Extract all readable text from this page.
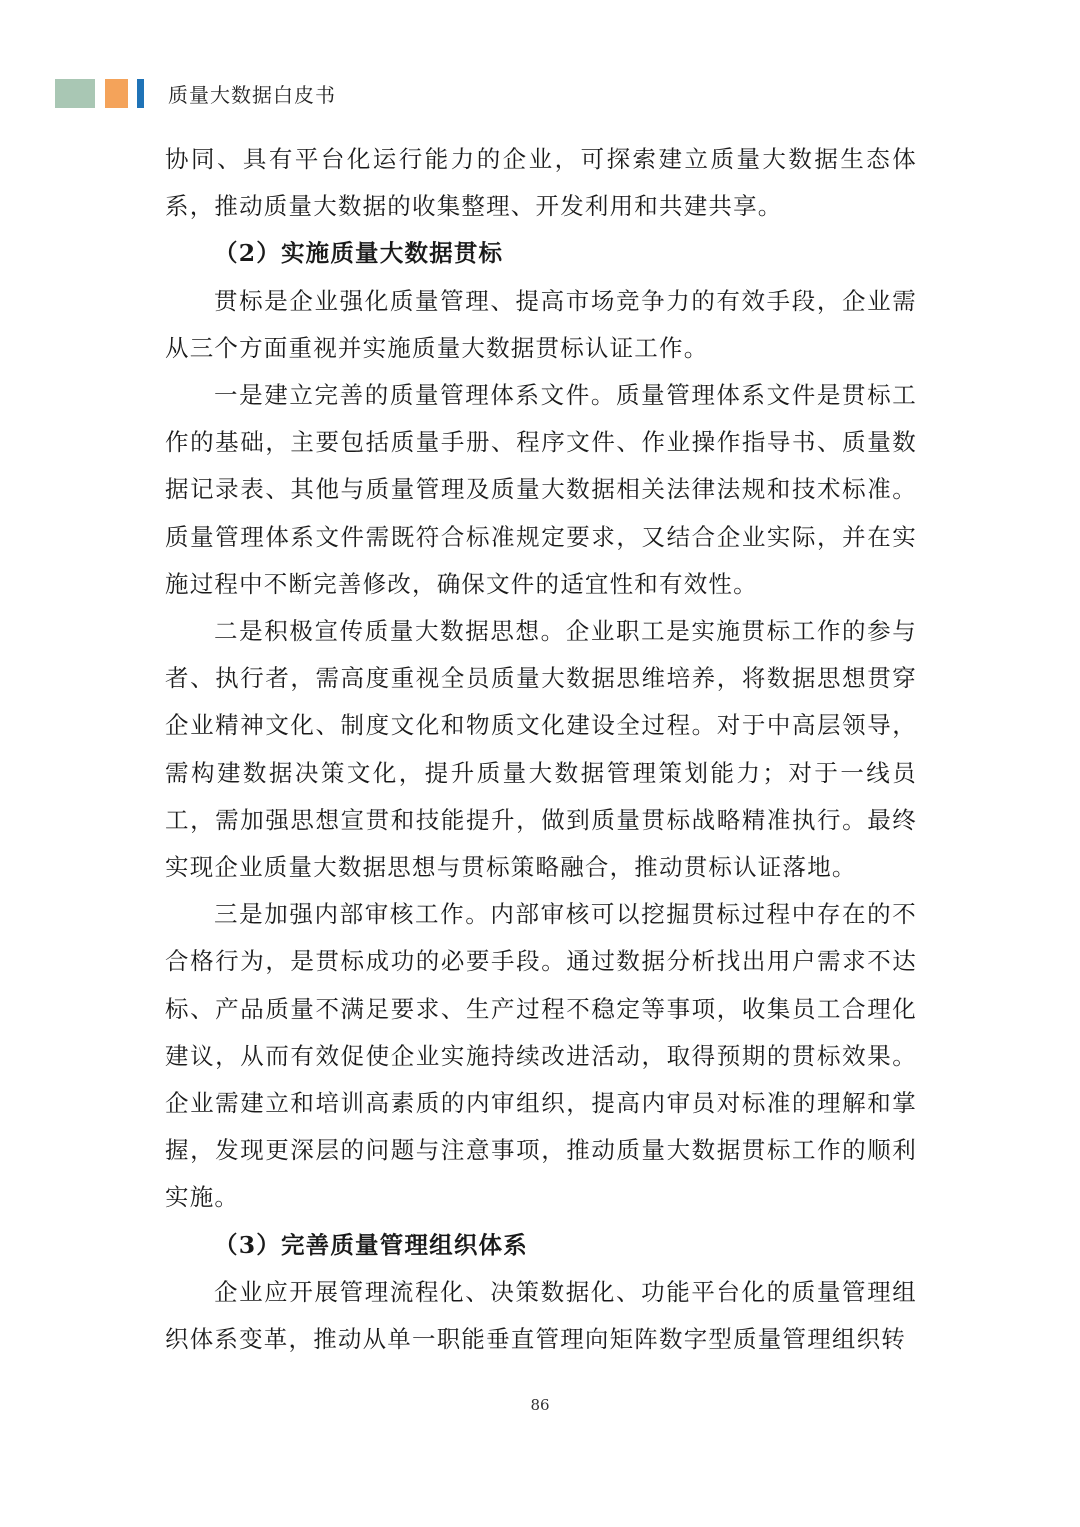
质量大数据白皮书

协同、具有平台化运行能力的企业，可探索建立质量大数据生态体系，推动质量大数据的收集整理、开发利用和共建共享。

（2）实施质量大数据贯标

贯标是企业强化质量管理、提高市场竞争力的有效手段，企业需从三个方面重视并实施质量大数据贯标认证工作。

一是建立完善的质量管理体系文件。质量管理体系文件是贯标工作的基础，主要包括质量手册、程序文件、作业操作指导书、质量数据记录表、其他与质量管理及质量大数据相关法律法规和技术标准。质量管理体系文件需既符合标准规定要求，又结合企业实际，并在实施过程中不断完善修改，确保文件的适宜性和有效性。

二是积极宣传质量大数据思想。企业职工是实施贯标工作的参与者、执行者，需高度重视全员质量大数据思维培养，将数据思想贯穿企业精神文化、制度文化和物质文化建设全过程。对于中高层领导，需构建数据决策文化，提升质量大数据管理策划能力；对于一线员工，需加强思想宣贯和技能提升，做到质量贯标战略精准执行。最终实现企业质量大数据思想与贯标策略融合，推动贯标认证落地。

三是加强内部审核工作。内部审核可以挖掘贯标过程中存在的不合格行为，是贯标成功的必要手段。通过数据分析找出用户需求不达标、产品质量不满足要求、生产过程不稳定等事项，收集员工合理化建议，从而有效促使企业实施持续改进活动，取得预期的贯标效果。企业需建立和培训高素质的内审组织，提高内审员对标准的理解和掌握，发现更深层的问题与注意事项，推动质量大数据贯标工作的顺利实施。

（3）完善质量管理组织体系

企业应开展管理流程化、决策数据化、功能平台化的质量管理组织体系变革，推动从单一职能垂直管理向矩阵数字型质量管理组织转

86
